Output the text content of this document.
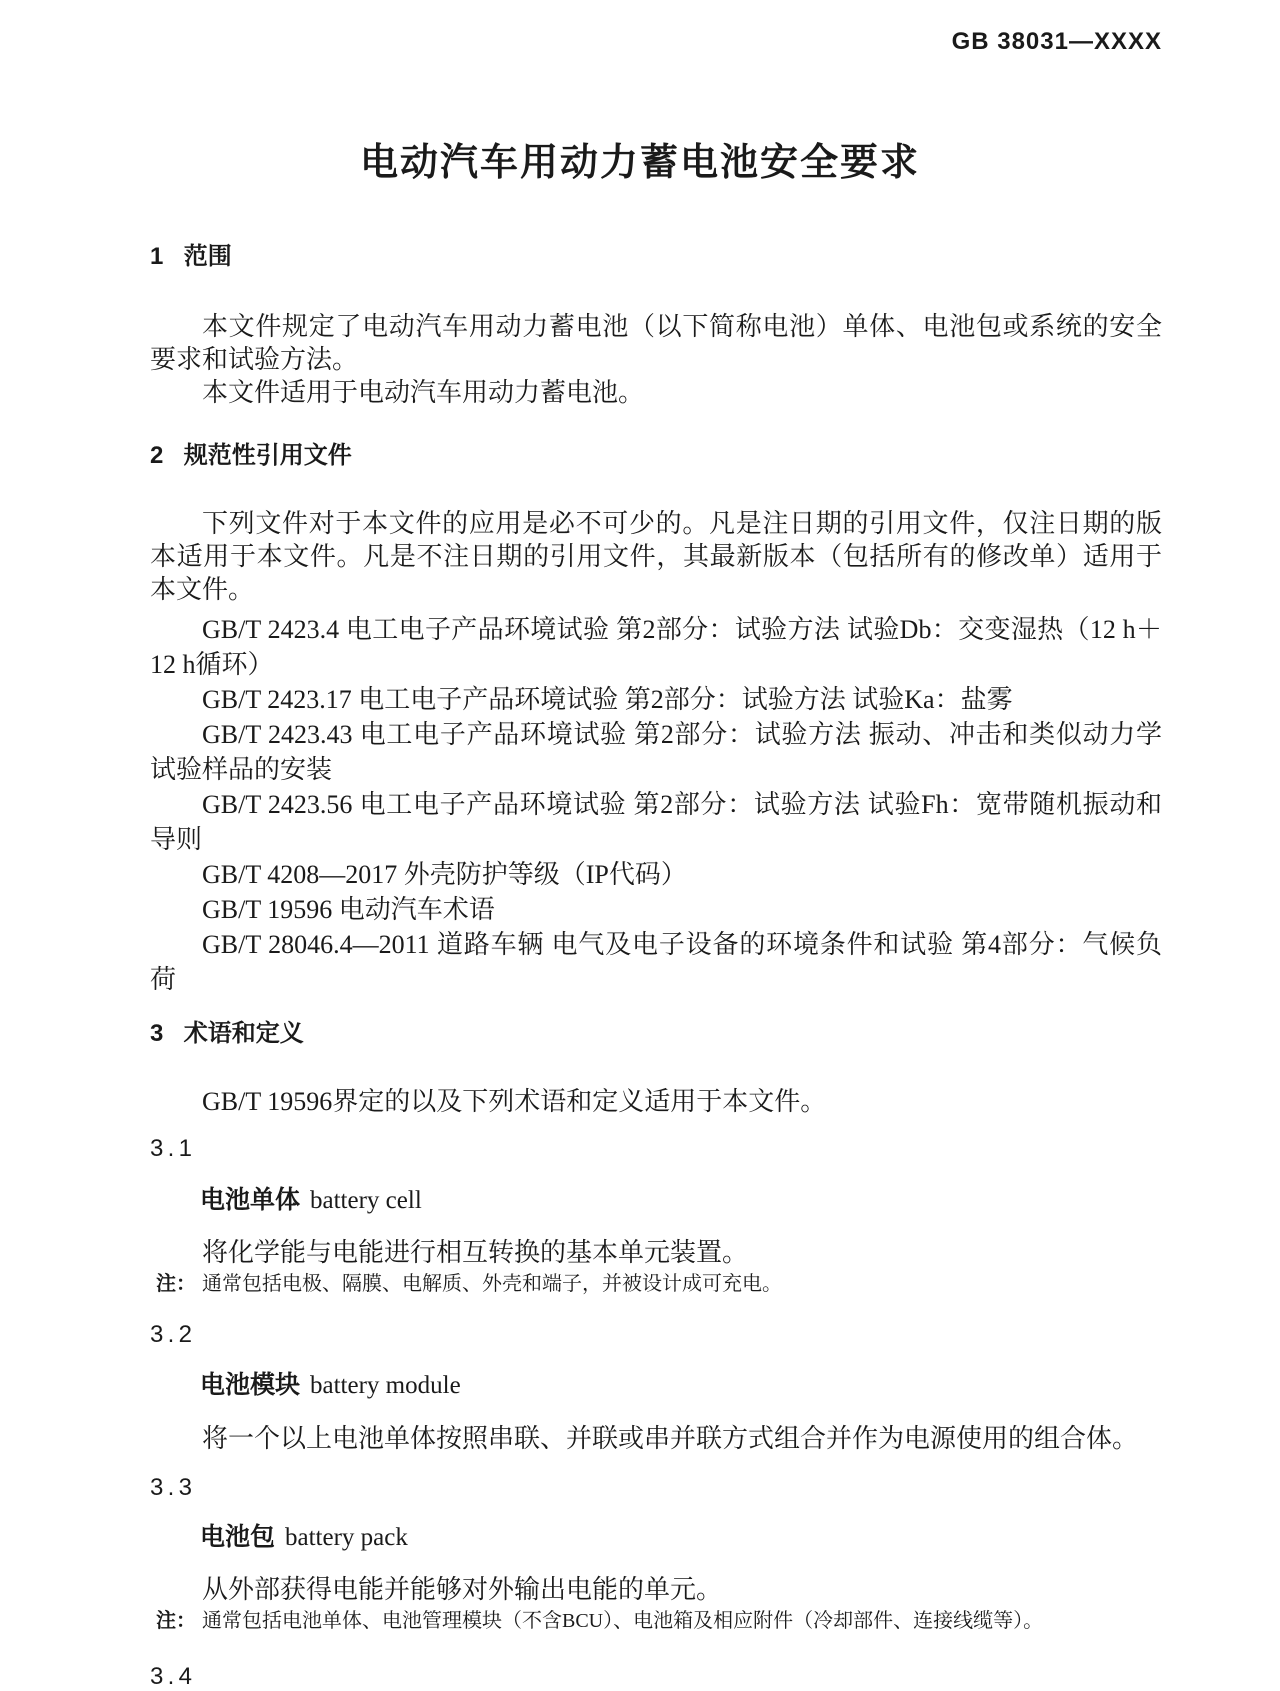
GB 38031—XXXX
电动汽车用动力蓄电池安全要求
1 范围

本文件规定了电动汽车用动力蓄电池（以下简称电池）单体、电池包或系统的安全要求和试验方法。

本文件适用于电动汽车用动力蓄电池。

2 规范性引用文件

下列文件对于本文件的应用是必不可少的。凡是注日期的引用文件，仅注日期的版本适用于本文件。凡是不注日期的引用文件，其最新版本（包括所有的修改单）适用于本文件。

GB/T 2423.4 电工电子产品环境试验 第2部分：试验方法 试验Db：交变湿热（12 h＋12 h循环）

GB/T 2423.17 电工电子产品环境试验 第2部分：试验方法 试验Ka：盐雾

GB/T 2423.43 电工电子产品环境试验 第2部分：试验方法 振动、冲击和类似动力学试验样品的安装

GB/T 2423.56 电工电子产品环境试验 第2部分：试验方法 试验Fh：宽带随机振动和导则

GB/T 4208—2017 外壳防护等级（IP代码）

GB/T 19596 电动汽车术语

GB/T 28046.4—2011 道路车辆 电气及电子设备的环境条件和试验 第4部分：气候负荷

3 术语和定义

GB/T 19596界定的以及下列术语和定义适用于本文件。

3.1

电池单体 battery cell

将化学能与电能进行相互转换的基本单元装置。

注： 通常包括电极、隔膜、电解质、外壳和端子，并被设计成可充电。

3.2

电池模块 battery module

将一个以上电池单体按照串联、并联或串并联方式组合并作为电源使用的组合体。

3.3

电池包 battery pack

从外部获得电能并能够对外输出电能的单元。

注： 通常包括电池单体、电池管理模块（不含BCU）、电池箱及相应附件（冷却部件、连接线缆等）。

3.4
